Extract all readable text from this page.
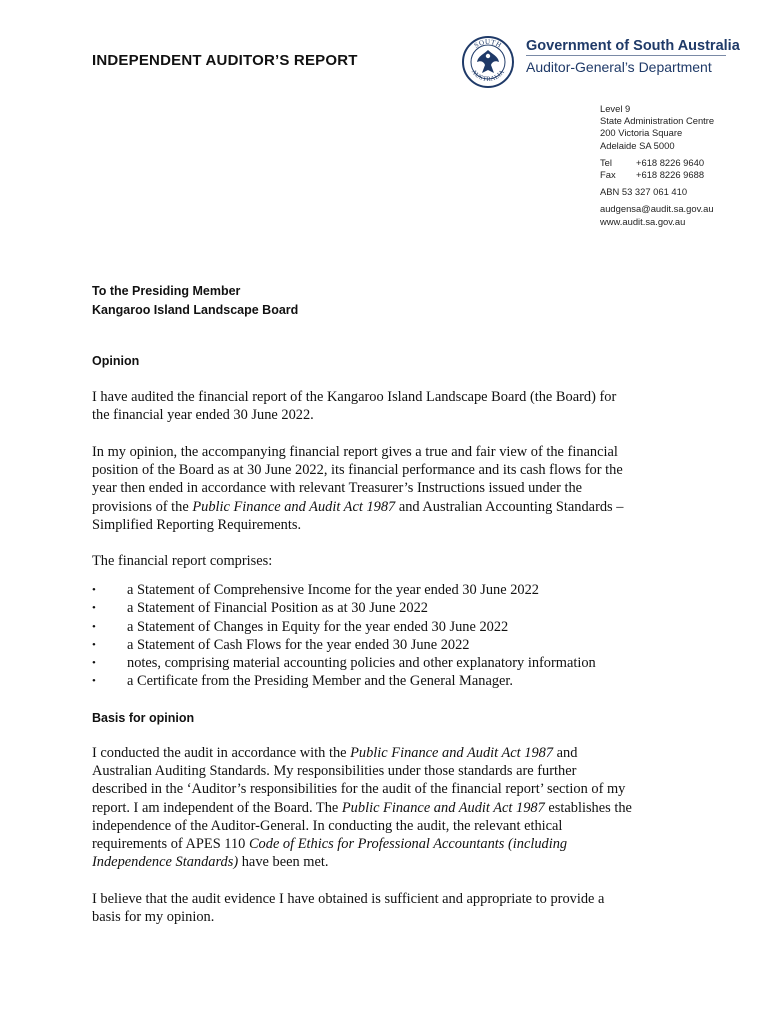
INDEPENDENT AUDITOR’S REPORT
SOUTH
AUSTRALIA
Government of South Australia
Auditor-General’s Department
Level 9
State Administration Centre
200 Victoria Square
Adelaide SA 5000
Tel	+618 8226 9640
Fax +618 8226 9688
ABN 53 327 061 410
audgensa@audit.sa.gov.au
www.audit.sa.gov.au
To the Presiding Member
Kangaroo Island Landscape Board
Opinion

I have audited the financial report of the Kangaroo Island Landscape Board (the Board) for
the financial year ended 30 June 2022.

In my opinion, the accompanying financial report gives a true and fair view of the financial
position of the Board as at 30 June 2022, its financial performance and its cash flows for the
year then ended in accordance with relevant Treasurer’s Instructions issued under the
provisions of the Public Finance and Audit Act 1987 and Australian Accounting Standards –
Simplified Reporting Requirements.

The financial report comprises:

• a Statement of Comprehensive Income for the year ended 30 June 2022
• a Statement of Financial Position as at 30 June 2022
• a Statement of Changes in Equity for the year ended 30 June 2022
• a Statement of Cash Flows for the year ended 30 June 2022
• notes, comprising material accounting policies and other explanatory information
• a Certificate from the Presiding Member and the General Manager.
Basis for opinion

I conducted the audit in accordance with the Public Finance and Audit Act 1987 and
Australian Auditing Standards. My responsibilities under those standards are further
described in the ‘Auditor’s responsibilities for the audit of the financial report’ section of my
report. I am independent of the Board. The Public Finance and Audit Act 1987 establishes the
independence of the Auditor-General. In conducting the audit, the relevant ethical
requirements of APES 110 Code of Ethics for Professional Accountants (including
Independence Standards) have been met.

I believe that the audit evidence I have obtained is sufficient and appropriate to provide a
basis for my opinion.
